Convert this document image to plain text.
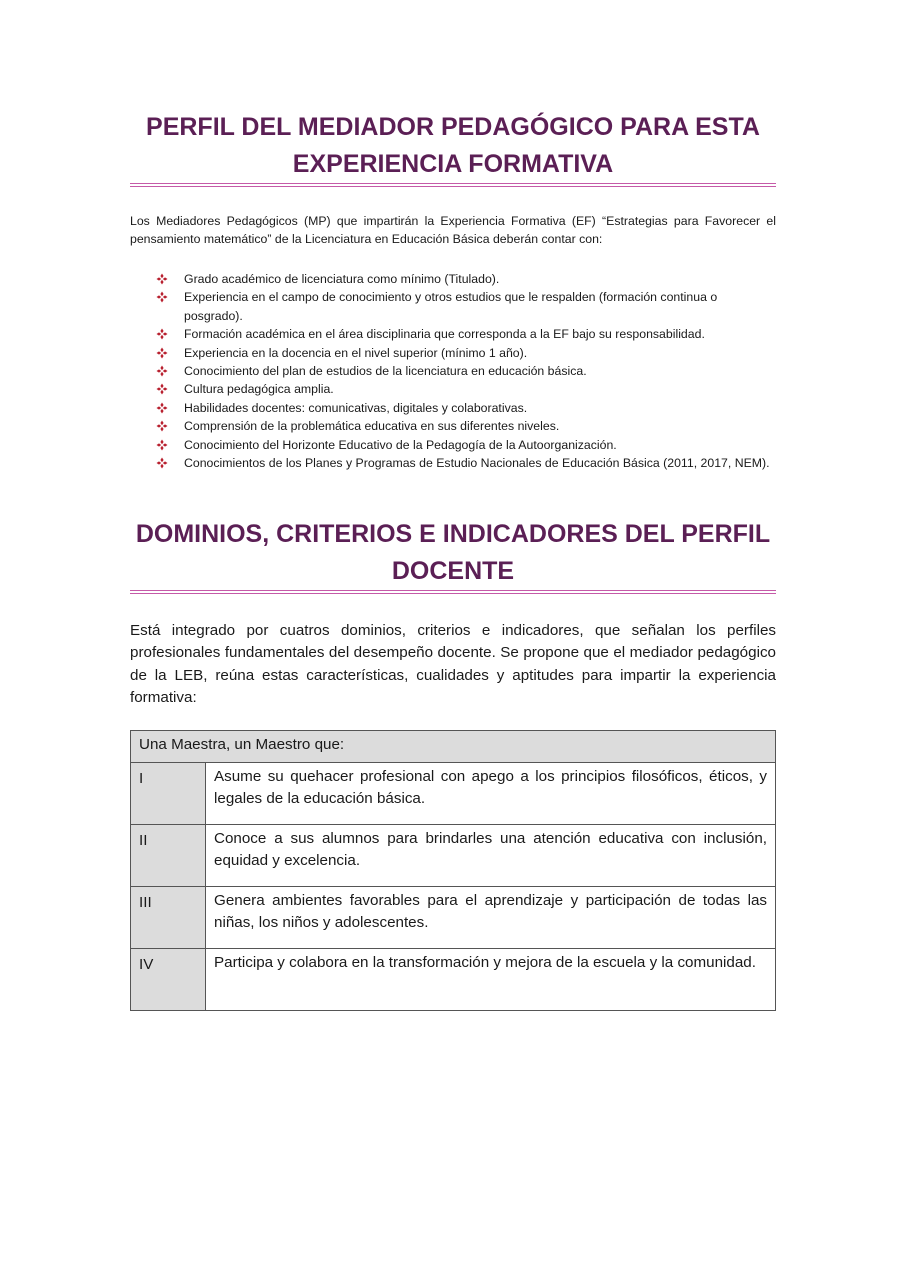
PERFIL DEL MEDIADOR PEDAGÓGICO PARA ESTA EXPERIENCIA FORMATIVA

Los Mediadores Pedagógicos (MP) que impartirán la Experiencia Formativa (EF) “Estrategias para Favorecer el pensamiento matemático” de la Licenciatura en Educación Básica deberán contar con:

Grado académico de licenciatura como mínimo (Titulado).
Experiencia en el campo de conocimiento y otros estudios que le respalden (formación continua o posgrado).
Formación académica en el área disciplinaria que corresponda a la EF bajo su responsabilidad.
Experiencia en la docencia en el nivel superior (mínimo 1 año).
Conocimiento del plan de estudios de la licenciatura en educación básica.
Cultura pedagógica amplia.
Habilidades docentes: comunicativas, digitales y colaborativas.
Comprensión de la problemática educativa en sus diferentes niveles.
Conocimiento del Horizonte Educativo de la Pedagogía de la Autoorganización.
Conocimientos de los Planes y Programas de Estudio Nacionales de Educación Básica (2011, 2017, NEM).
DOMINIOS, CRITERIOS E INDICADORES DEL PERFIL DOCENTE

Está integrado por cuatros dominios, criterios e indicadores, que señalan los perfiles profesionales fundamentales del desempeño docente. Se propone que el mediador pedagógico de la LEB, reúna estas características, cualidades y aptitudes para impartir la experiencia formativa:

Una Maestra, un Maestro que:	
I	Asume su quehacer profesional con apego a los principios filosóficos, éticos, y legales de la educación básica.
II	Conoce a sus alumnos para brindarles una atención educativa con inclusión, equidad y excelencia.
III	Genera ambientes favorables para el aprendizaje y participación de todas las niñas, los niños y adolescentes.
IV	Participa y colabora en la transformación y mejora de la escuela y la comunidad.
